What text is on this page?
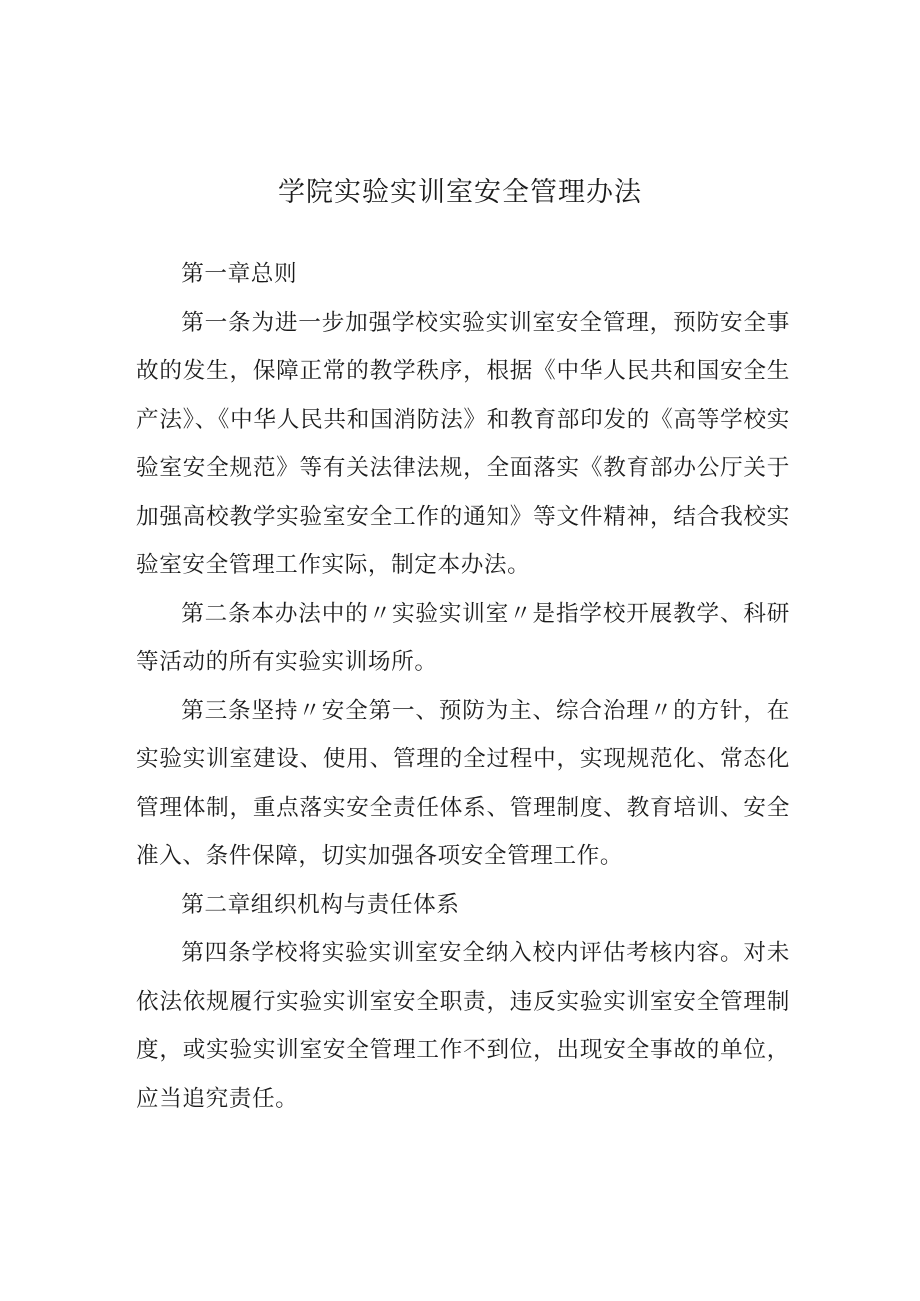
学院实验实训室安全管理办法

第一章总则

第一条为进一步加强学校实验实训室安全管理，预防安全事故的发生，保障正常的教学秩序，根据《中华人民共和国安全生产法》、《中华人民共和国消防法》和教育部印发的《高等学校实验室安全规范》等有关法律法规，全面落实《教育部办公厅关于加强高校教学实验室安全工作的通知》等文件精神，结合我校实验室安全管理工作实际，制定本办法。

第二条本办法中的〃实验实训室〃是指学校开展教学、科研等活动的所有实验实训场所。

第三条坚持〃安全第一、预防为主、综合治理〃的方针，在实验实训室建设、使用、管理的全过程中，实现规范化、常态化管理体制，重点落实安全责任体系、管理制度、教育培训、安全准入、条件保障，切实加强各项安全管理工作。

第二章组织机构与责任体系

第四条学校将实验实训室安全纳入校内评估考核内容。对未依法依规履行实验实训室安全职责，违反实验实训室安全管理制度，或实验实训室安全管理工作不到位，出现安全事故的单位，应当追究责任。
